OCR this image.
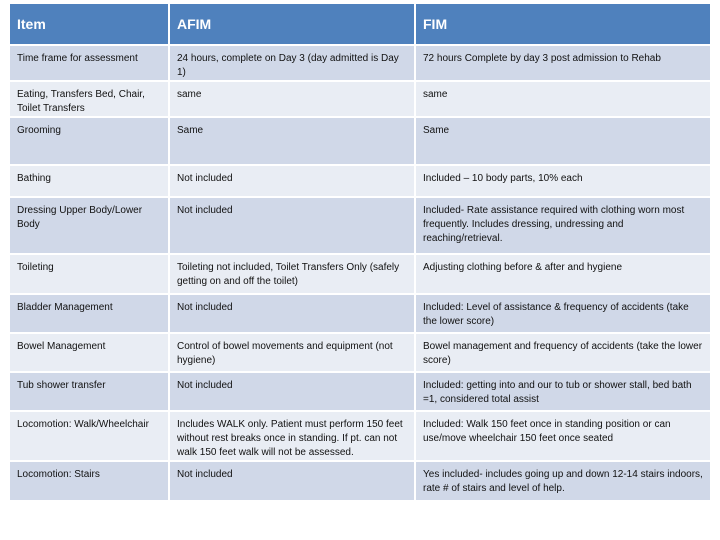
Item	AFIM	FIM
Time frame for assessment	24 hours, complete on Day 3 (day admitted is Day 1)	72 hours Complete by day 3 post admission to Rehab
Eating, Transfers Bed, Chair, Toilet Transfers	same	same
Grooming	Same	Same
Bathing	Not included	Included – 10 body parts, 10% each
Dressing Upper Body/Lower Body	Not included	Included- Rate assistance required with clothing worn most frequently. Includes dressing, undressing and reaching/retrieval.
Toileting	Toileting not included, Toilet Transfers Only (safely getting on and off the toilet)	Adjusting clothing before & after and hygiene
Bladder Management	Not included	Included: Level of assistance & frequency of accidents (take the lower score)
Bowel Management	Control of bowel movements and equipment (not hygiene)	Bowel management and frequency of accidents (take the lower score)
Tub shower transfer	Not included	Included: getting into and our to tub or shower stall, bed bath =1, considered total assist
Locomotion: Walk/Wheelchair	Includes WALK only. Patient must perform 150 feet without rest breaks once in standing. If pt. can not walk 150 feet walk will not be assessed.	Included: Walk 150 feet once in standing position or can use/move wheelchair 150 feet once seated
Locomotion: Stairs	Not included	Yes included- includes going up and down 12-14 stairs indoors, rate # of stairs and level of help.
